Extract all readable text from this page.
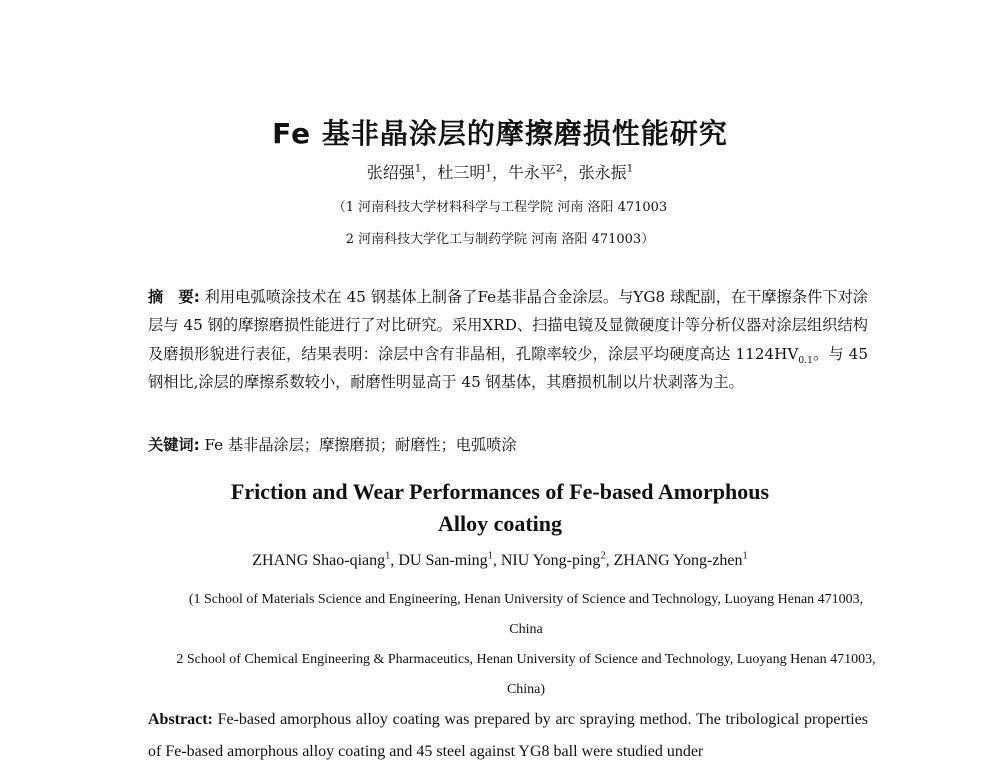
Fe 基非晶涂层的摩擦磨损性能研究
张绍强$^1$，杜三明$^1$，牛永平$^2$，张永振$^1$
（1 河南科技大学材料科学与工程学院 河南 洛阳 471003
2 河南科技大学化工与制药学院 河南 洛阳 471003）
摘　要: 利用电弧喷涂技术在 45 钢基体上制备了Fe基非晶合金涂层。与YG8 球配副，在干摩擦条件下对涂层与 45 钢的摩擦磨损性能进行了对比研究。采用XRD、扫描电镜及显微硬度计等分析仪器对涂层组织结构及磨损形貌进行表征，结果表明：涂层中含有非晶相，孔隙率较少，涂层平均硬度高达 $1124HV_{0.1}$。与 45 钢相比,涂层的摩擦系数较小，耐磨性明显高于 45 钢基体，其磨损机制以片状剥落为主。
关键词: Fe 基非晶涂层；摩擦磨损；耐磨性；电弧喷涂
Friction and Wear Performances of Fe-based Amorphous
Alloy coating
ZHANG Shao-qiang$^1$, DU San-ming$^1$, NIU Yong-ping$^2$, ZHANG Yong-zhen$^1$
(1 School of Materials Science and Engineering, Henan University of Science and Technology, Luoyang Henan 471003, China
2 School of Chemical Engineering & Pharmaceutics, Henan University of Science and Technology, Luoyang Henan 471003, China)
Abstract: Fe-based amorphous alloy coating was prepared by arc spraying method. The tribological properties of Fe-based amorphous alloy coating and 45 steel against YG8 ball were studied under
